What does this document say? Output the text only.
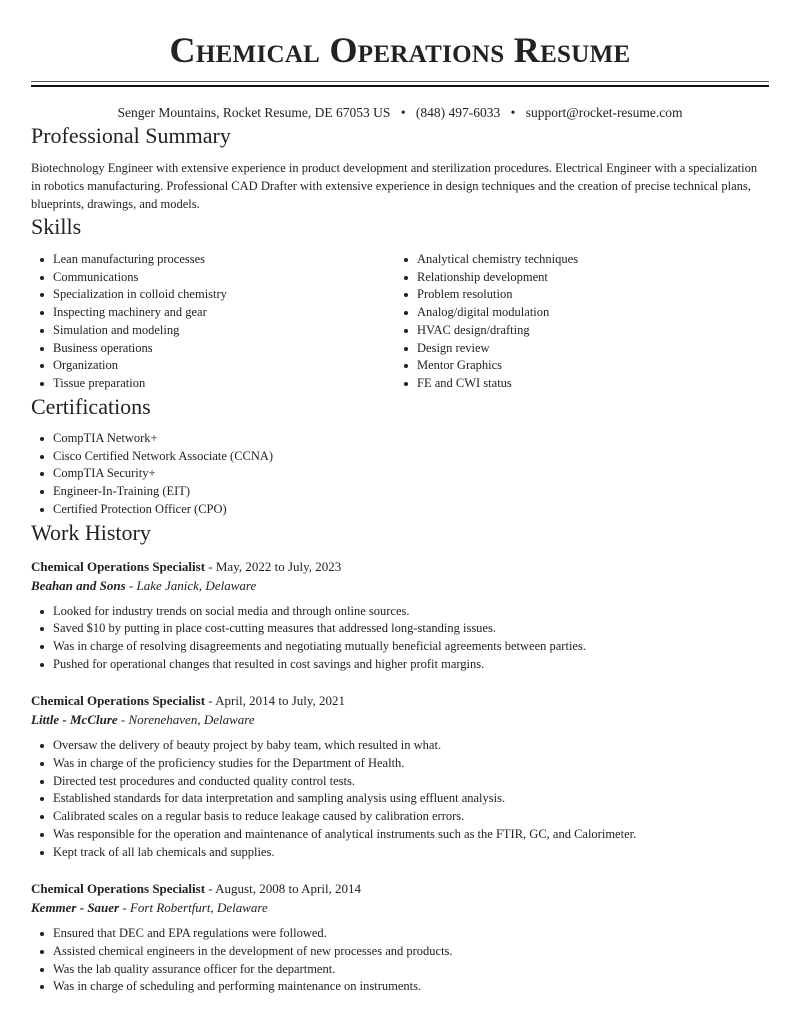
Chemical Operations Resume
Senger Mountains, Rocket Resume, DE 67053 US • (848) 497-6033 • support@rocket-resume.com
Professional Summary

Biotechnology Engineer with extensive experience in product development and sterilization procedures. Electrical Engineer with a specialization in robotics manufacturing. Professional CAD Drafter with extensive experience in design techniques and the creation of precise technical plans, blueprints, drawings, and models.

Skills
Lean manufacturing processes
Communications
Specialization in colloid chemistry
Inspecting machinery and gear
Simulation and modeling
Business operations
Organization
Tissue preparation
Analytical chemistry techniques
Relationship development
Problem resolution
Analog/digital modulation
HVAC design/drafting
Design review
Mentor Graphics
FE and CWI status
Certifications
CompTIA Network+
Cisco Certified Network Associate (CCNA)
CompTIA Security+
Engineer-In-Training (EIT)
Certified Protection Officer (CPO)
Work History
Chemical Operations Specialist - May, 2022 to July, 2023
Beahan and Sons - Lake Janick, Delaware
Looked for industry trends on social media and through online sources.
Saved $10 by putting in place cost-cutting measures that addressed long-standing issues.
Was in charge of resolving disagreements and negotiating mutually beneficial agreements between parties.
Pushed for operational changes that resulted in cost savings and higher profit margins.
Chemical Operations Specialist - April, 2014 to July, 2021
Little - McClure - Norenehaven, Delaware
Oversaw the delivery of beauty project by baby team, which resulted in what.
Was in charge of the proficiency studies for the Department of Health.
Directed test procedures and conducted quality control tests.
Established standards for data interpretation and sampling analysis using effluent analysis.
Calibrated scales on a regular basis to reduce leakage caused by calibration errors.
Was responsible for the operation and maintenance of analytical instruments such as the FTIR, GC, and Calorimeter.
Kept track of all lab chemicals and supplies.
Chemical Operations Specialist - August, 2008 to April, 2014
Kemmer - Sauer - Fort Robertfurt, Delaware
Ensured that DEC and EPA regulations were followed.
Assisted chemical engineers in the development of new processes and products.
Was the lab quality assurance officer for the department.
Was in charge of scheduling and performing maintenance on instruments.
